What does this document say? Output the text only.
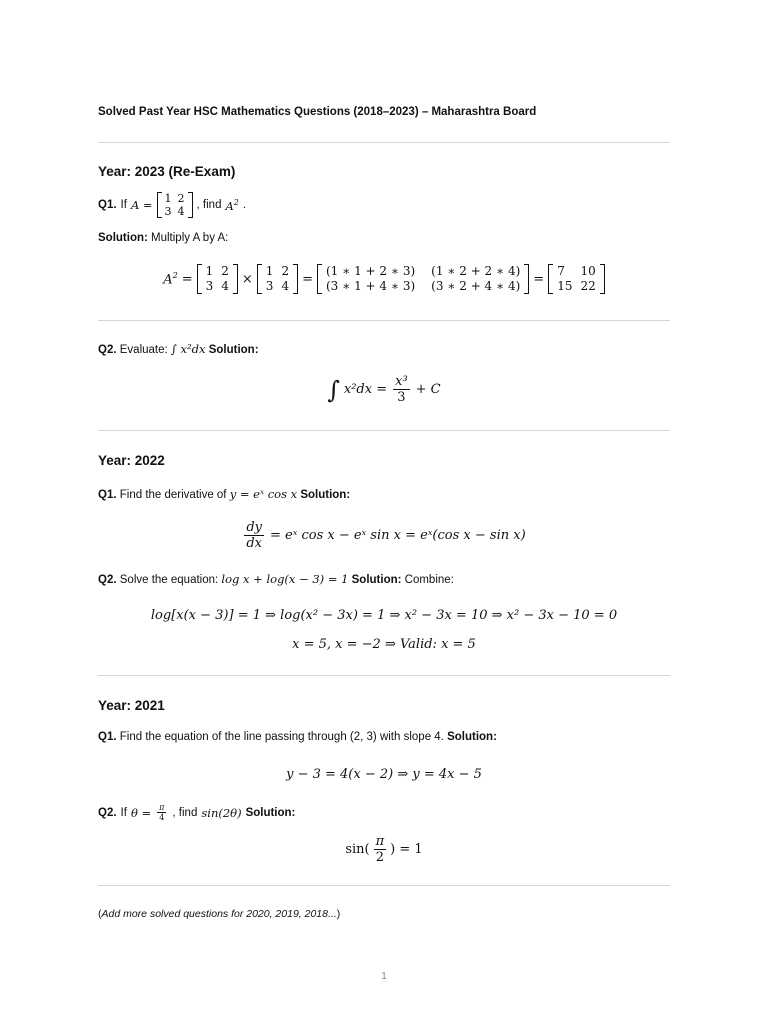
Solved Past Year HSC Mathematics Questions (2018–2023) – Maharashtra Board
Year: 2023 (Re-Exam)
Q1. If A = 1	2
3	4 , find $A^2$ .
Solution: Multiply A by A:
$A^2$ =
1	2
3	4 ×
1	2
3	4 =
(1 ∗ 1 + 2 ∗ 3)	(1 ∗ 2 + 2 ∗ 4)
(3 ∗ 1 + 4 ∗ 3)	(3 ∗ 2 + 4 ∗ 4) =
7	10
15	22
Q2. Evaluate: ∫ x²dx Solution:
∫ $x^2dx = \frac{\text{x³}}{3} + C$
Year: 2022
Q1. Find the derivative of y = eˣ cos x Solution:
$\frac{dy}{dx}$ = eˣ cos x − eˣ sin x = eˣ(cos x − sin x)
Q2. Solve the equation: log x + log(x − 3) = 1 Solution: Combine:
log[x(x − 3)] = 1 ⇒ log(x² − 3x) = 1 ⇒ x² − 3x = 10 ⇒ x² − 3x − 10 = 0
x = 5, x = −2 ⇒ Valid: x = 5
Year: 2021
Q1. Find the equation of the line passing through (2, 3) with slope 4. Solution:
y − 3 = 4(x − 2) ⇒ y = 4x − 5
Q2. If $\theta = \frac{\pi}{4}$ , find sin(2θ) Solution:
$\sin( \frac{\pi}{2}$ ) = 1
(Add more solved questions for 2020, 2019, 2018...)
1
